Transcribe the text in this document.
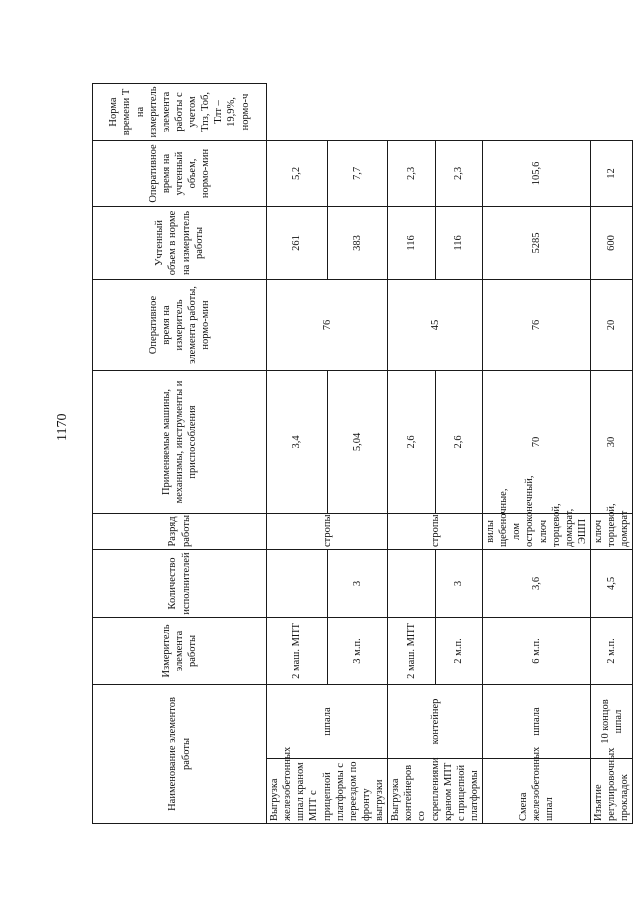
1170
Наименование элементов работы		Измеритель элемента работы	Количество исполнителей	Разряд работы	Применяемые машины, механизмы, инструменты и приспособления	Оперативное время на измеритель элемента работы, нормо-мин	Учтенный объем в норме на измеритель работы	Оперативное время на учтенный объем, нормо-мин	Норма времени Т на измеритель элемента работы с учетом Тпз, Тоб, Тлт – 19,9%, нормо-ч
Выгрузка железобетонных шпал краном МПТ с прицепной платформы с переездом по фронту выгрузки	шпала	2 маш. МПТ		стропы	3,4	76	261	5,2	
		3 м.п.	3		5,04		383	7,7	
Выгрузка контейнеров со скреплениями краном МПТ с прицепной платформы	контейнер	2 маш. МПТ		стропы	2,6	45	116	2,3	
		2 м.п.	3		2,6		116	2,3	
Смена железобетонных шпал	шпала	6 м.п.	3,6	вилы щебеночные, лом остроконечный, ключ торцевой, домкрат, ЭШП	70	76	5285	105,6	
Изъятие регулировочных прокладок	10 концов шпал	2 м.п.	4,5	ключ торцевой, домкрат	30	20	600	12	
